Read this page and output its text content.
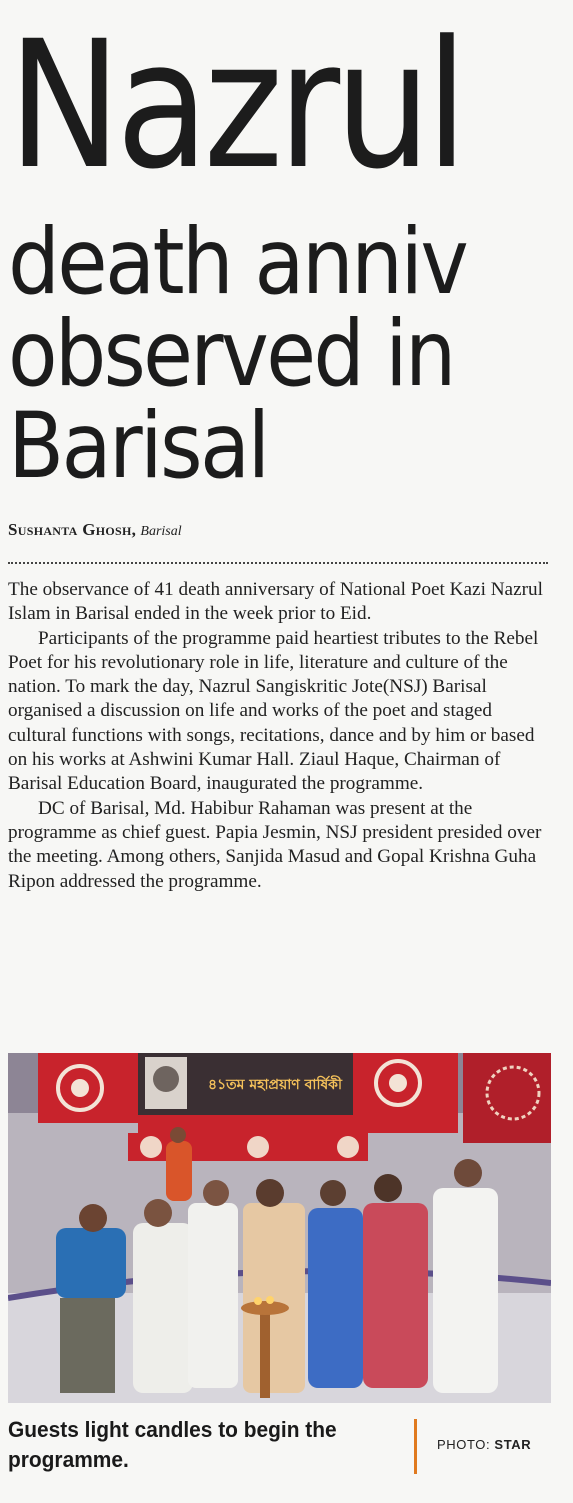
Nazrul
death anniv
observed in
Barisal
Sushanta Ghosh, Barisal

The observance of 41 death anniversary of National Poet Kazi Nazrul Islam in Barisal ended in the week prior to Eid.

Participants of the programme paid heartiest tributes to the Rebel Poet for his revolutionary role in life, literature and culture of the nation. To mark the day, Nazrul Sangiskritic Jote(NSJ) Barisal organised a discussion on life and works of the poet and staged cultural functions with songs, recitations, dance and by him or based on his works at Ashwini Kumar Hall. Ziaul Haque, Chairman of Barisal Education Board, inaugurated the programme.

DC of Barisal, Md. Habibur Rahaman was present at the programme as chief guest. Papia Jesmin, NSJ president presided over the meeting. Among others, Sanjida Masud and Gopal Krishna Guha Ripon addressed the programme.

৪১তম মহাপ্রয়াণ বার্ষিকী
Guests light candles to begin the programme.
PHOTO: STAR
